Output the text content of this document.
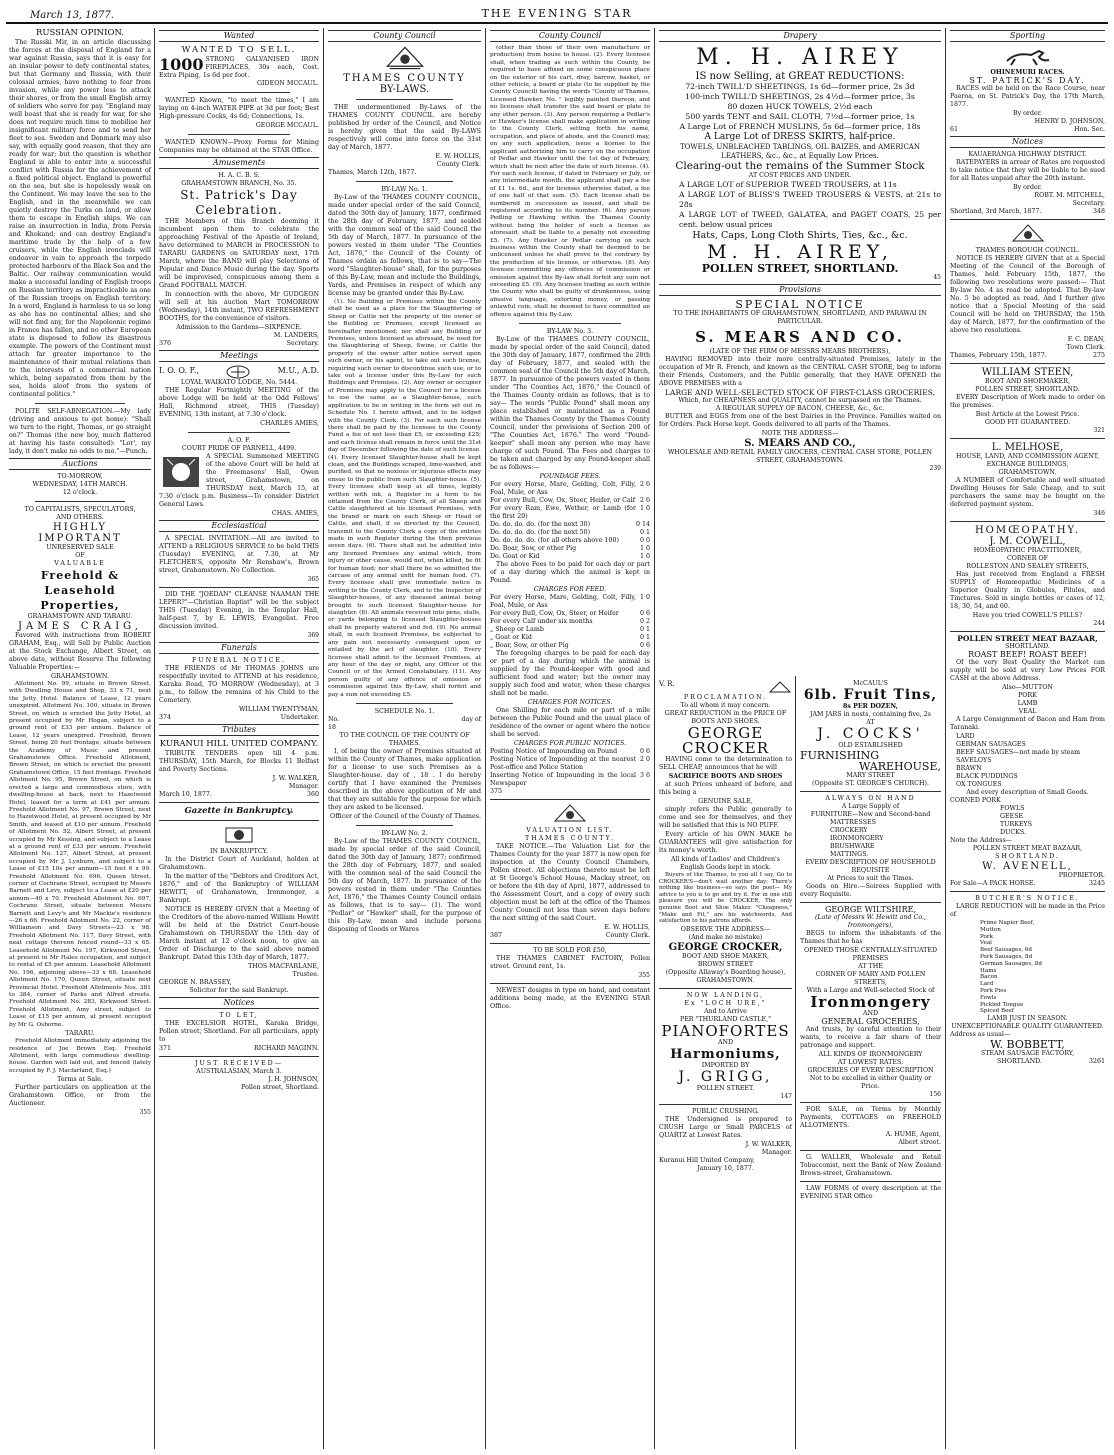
March 13, 1877.	THE EVENING STAR
RUSSIAN OPINION.

The Russki Mir, in an article discussing the forces at the disposal of England for a war against Russia, says that it is easy for an insular power to defy continental states, but that Germany and Russia, with their colossal armies, have nothing to fear from invasion, while any power less to attack their shores, or from the small English army of soldiers who serve for pay. "England may well boast that she is ready for war, for she does not require much time to mobilise her insignificant military force and to send her fleet to sea. Sweden and Denmark may also say, with equally good reason, that they are ready for war; but the question is whether England is able to enter into a successful conflict with Russia for the achievement of a fixed political object. England is powerful on the sea, but she is hopelessly weak on the Continent. We may leave the sea to the English, and in the meanwhile we can quietly destroy the Turks on land, or allow them to escape in English ships. We can raise an insurrection in India, from Persia and Khokand; and can destroy England's maritime trade by the help of a few cruisers, while the English ironclads will endeavor in vain to approach the torpedo protected harbours of the Black Sea and the Baltic. Our railway communication would make a successful landing of English troops on Russian territory as impracticable as one of the Russian troops on English territory. In a word, England is harmless to us so long as she has no continental allies; and she will not find any, for the Napoleonic regime in France has fallen, and no other European state is disposed to follow its disastrous example. The powers of the Continent must attach far greater importance to the maintenance of their mutual relations than to the interests of a commercial nation which, being separated from them by the sea, holds aloof from the system of continental politics."

POLITE SELF-ABNEGATION.—My lady (driving and anxious to get home): "Shall we turn to the right, Thomas, or go straight on?" Thomas (the new boy, much flattered at having his taste consulted): "Lor', my lady, it don't make no odds to me."—Punch.

Auctions
TO-MORROW,
WEDNESDAY, 14TH MARCH.
12 o'clock.
TO CAPITALISTS, SPECULATORS,
AND OTHERS.
HIGHLY IMPORTANT
UNRESERVED SALE
OF
VALUABLE
Freehold & Leasehold
Properties,
GRAHAMSTOWN AND TARARU.
JAMES CRAIG,

Favored with instructions from ROBERT GRAHAM, Esq., will Sell by Public Auction at the Stock Exchange, Albert Street, on above date, without Reserve The following Valuable Properties:—

GRAHAMSTOWN.

Allotment No. 99, situate in Brown Street, with Dwelling House and Shop, 33 x 71, next the Jetty Hotel. Balance of Lease, 12 years unexpired. Allotment No. 100, situate in Brown Street, on which is erected the Jetty Hotel, at present occupied by Mr Hogan, subject to a ground rent of £33 per annum. Balance of Lease, 12 years unexpired. Freehold, Brown Street, being 20 feet frontage, situate between the Academy of Music and present Grahamstown Office. Freehold Allotment, Brown Street, on which is erected the present Grahamstown Office, 15 feet frontage. Freehold Allotment No. 95, Brown Street, on which is erected a large and commodious store, with dwelling-house at back, next to Hazelwood Hotel, leased for a term at £41 per annum. Freehold Allotment No. 97, Brown Street, next to Hazelwood Hotel, at present occupied by Mr Smith, and leased at £10 per annum. Freehold of Allotment No. 52, Albert Street, at present occupied by Mr Kessing, and subject to a Lease at a ground rent of £33 per annum. Freehold Allotment No. 127, Albert Street, at present occupied by Mr J. Lynburn, and subject to a Lease of £15 10s per annum—15 feet 6 x 99. Freehold Allotment No. 696, Queen Street, corner of Cochrane Street, occupied by Messrs Barnett and Levy, subject to a Lease at £20 per annum—40 x 70. Freehold Allotment No. 697, Cochrane Street, situate between Messrs Barnett and Levy's and Mr Mackie's residence—26 x 66. Freehold Allotment No. 22, corner of Williamson and Davy Streets—23 x 98. Freehold Allotment No. 117, Davy Street, with neat cottage thereon fenced round—33 x 65. Leasehold Allotment No. 197, Kirkwood Street, at present in Mr Hales occupation, and subject to rental of £5 per annum. Leasehold Allotment No. 196, adjoining above—33 x 68. Leasehold Allotment No. 170, Queen Street, situate next Provincial Hotel. Freehold Allotments Nos. 381 to 384, corner of Parks and Alfred streets. Freehold Allotment No. 283, Kirkwood Street. Freehold Allotment, Amy street, subject to Lease of £15 per annum, at present occupied by Mr G. Osborne.

TARARU.

Freehold Allotment immediately adjoining the residence of Joe Brown Esq. Freehold Allotment, with large commodious dwelling-house. Garden well laid out, and fenced (lately occupied by F. J. Macfarland, Esq.)

Terms at Sale.

Further particulars on application at the Grahamstown Office, or from the Auctioneer.

355
Wanted
WANTED TO SELL.
1000 STRONG GALVANISED IRON FIREPLACES, 30s each, Cost. Extra Piping, 1s 6d per foot.
GIDEON MCCAUL.

WANTED Known, "to meet the times," I am laying on 4-inch WATER PIPE at 3d per foot; Best High-pressure Cocks, 4s 6d; Connections, 1s.

GEORGE MCCAUL.

WANTED KNOWN—Proxy Forms for Mining Companies may be obtained at the STAR Office.

Amusements
H. A. C. B. S.
GRAHAMSTOWN BRANCH, No. 35.
St. Patrick's Day Celebration.

THE Members of this Branch deeming it incumbent upon them to celebrate the approaching Festival of the Apostle of Ireland, have determined to MARCH in PROCESSION to TARARU GARDENS on SATURDAY next, 17th March, where the BAND will play Selections of Popular and Dance Music during the day. Sports will be improvised, conspicuous among them a Grand FOOTBALL MATCH.

In connection with the above, Mr GUDGEON will sell at his auction Mart TOMORROW (Wednesday), 14th instant, TWO REFRESHMENT BOOTHS, for the convenience of visitors.

Admission to the Gardens—SIXPENCE.
M. LANDERS,
376	Secretary.
Meetings
I. O. O. F.,	M.U., A.D.
LOYAL WAIKATO LODGE, No. 5444.

THE Regular Fortnightly MEETING of the above Lodge will be held at the Odd Fellows' Hall, Richmond street, THIS (Tuesday) EVENING, 13th instant, at 7.30 o'clock.

CHARLES AMIES,
A. O. F.
COURT PRIDE OF PARNELL, 4499.

A SPECIAL Summoned MEETING of the above Court will be held at the Freemasons' Hall, Owen street, Grahamstown, on THURSDAY next, March 15, at 7.30 o'clock p.m. Business—To consider District General Laws.

CHAS. AMIES,
Ecclesiastical

A SPECIAL INVITATION.—All are invited to ATTEND a RELIGIOUS SERVICE to be held THIS (Tuesday) EVENING, at 7.30, at Mr FLETCHER'S, opposite Mr Renshaw's, Brown street, Grahamstown. No Collection.

365

DID THE "JOEDAN" CLEANSE NAAMAN THE LEPER?"—Christian Baptist" will be the subject THIS (Tuesday) Evening, in the Templar Hall, half-past 7, by E. LEWIS, Evangelist. Free discussion invited.

369
Funerals
FUNERAL NOTICE.

THE FRIENDS of Mr THOMAS JOHNS are respectfully invited to ATTEND at his residence, Karaka Road, TO MORROW (Wednesday), at 3 p.m., to follow the remains of his Child to the Cemetery.

WILLIAM TWENTYMAN,
374	Undertaker.
Tributes
KURANUI HILL UNITED COMPANY.

TRIBUTE TENDERS open till 4 p.m. THURSDAY, 15th March, for Blocks 11 Belfast and Poverty Sections.

J. W. WALKER,
Manager.
March 10, 1877.	360
Gazette in Bankruptcy.
IN BANKRUPTCY.

In the District Court of Auckland, holden at Grahamstown.

In the matter of the "Debtors and Creditors Act, 1876," and of the Bankruptcy of WILLIAM HEWITT, of Grahamstown, Ironmonger, a Bankrupt.

NOTICE IS HEREBY GIVEN that a Meeting of the Creditors of the above-named William Hewitt will be held at the District Court-house Grahamstown on THURSDAY the 15th day of March instant at 12 o'clock noon, to give an Order of Discharge to the said above named Bankrupt. Dated this 13th day of March, 1877.

THOS MACFARLANE,
Trustee.
GEORGE N. BRASSEY,
Solicitor for the said Bankrupt.
Notices
TO LET,

THE EXCELSIOR HOTEL, Karaka Bridge, Pollen street, Shortland. For all particulars, apply to

371	RICHARD MAGINN.
JUST RECEIVED—
AUSTRALASIAN, March 3.
J. H. JOHNSON,
Pollen street, Shortland.
County Council
THAMES COUNTY
BY-LAWS.

THE undermentioned By-Laws of the THAMES COUNTY COUNCIL are hereby published by order of the Council, and Notice is hereby given that the said By-LAWS respectively will come into force on the 31st day of March, 1877.

E. W. HOLLIS,
County Clerk.
Thames, March 12th, 1877.
BY-LAW No. 1.

By-Law of the THAMES COUNTY COUNCIL, made under special order of the said Council, dated the 30th day of January, 1877, confirmed the 28th day of February, 1877, and sealed with the common seal of the said Council the 5th day of March, 1877. In pursuance of the powers vested in them under "The Counties Act, 1876," the Council of the County of Thames ordain as follows, that is to say—The word "Slaughter-house" shall, for the purposes of this By-Law, mean and include the Buildings, Yards, and Premises in respect of which any license may be granted under this By-Law.

(1). No Building or Premises within the County shall be used as a place for the Slaughtering of Sheep or Cattle not the property of the owner of the Building or Premises, except licensed as hereinafter mentioned; nor shall any Building or Premises, unless licensed as aforesaid, be used for the Slaughtering of Sheep, Swine, or Cattle the property of the owner after notice served upon such owner, or his agent, to take out such license, requiring such owner to discontinue such use, or to take out a license under this By-Law for such Buildings and Premises. (2). Any owner or occupier of Premises may apply to the Council for a license to use the same as a Slaughter-house, such application to be in writing in the form set out in Schedule No. 1 hereto affixed, and to be lodged with the County Clerk. (3). For each such license there shall be paid by the licensee to the County Fund a fee of not less than £5, or exceeding £25; and each license shall remain in force until the 31st day of December following the date of such license. (4). Every licensed Slaughter-house shall be kept clean, and the Buildings scraped, lime-washed, and purified, so that no noxious or injurious effects may ensue to the public from such Slaughter-house. (5). Every licensee shall keep at all times, legibly written with ink, a Register in a form to be obtained from the County Clerk, of all Sheep and Cattle slaughtered at his licensed Premises, with the brand or mark on each Sheep or Head of Cattle, and shall, if so directed by the Council, transmit to the County Clerk a copy of the entries made in such Register during the then previous seven days. (6). There shall not be admitted into any licensed Premises any animal which, from injury or other cause, would not, when killed, be fit for human food; nor shall there be so admitted the carcase of any animal unfit for human food. (7). Every licensee shall give immediate notice in writing to the County Clerk, and to the Inspector of Slaughter-houses, of any diseased animal being brought to such licensed Slaughter-house for slaughter. (8). All animals received into pens, stalls, or yards belonging to licensed Slaughter-houses shall be properly watered and fed. (9). No animal shall, in such licensed Premises, be subjected to any pain not necessarily consequent upon or entailed by the act of slaughter. (10). Every licensee shall admit to the licensed Premises, at any hour of the day or night, any Officer of the Council or of the Armed Constabulary. (11). Any person guilty of any offence of omission or commission against this By-Law, shall forfeit and pay a sum not exceeding £5.

SCHEDULE No. 1.
No.	day of
18
TO THE COUNCIL OF THE COUNTY OF THAMES.

I, of being the owner of Premises situated at within the County of Thames, make application for a license to use such Premises as a Slaughter-house. day of , 18 . I do hereby certify that I have examined the Premises described in the above application of Mr and that they are suitable for the purpose for which they are asked to be licensed.

Officer of the Council of the County of Thames.
BY-LAW No. 2.

By-Law of the THAMES COUNTY COUNCIL, made by special order of the said Council, dated the 30th day of January, 1877; confirmed the 28th day of February, 1877, and sealed with the common seal of the said Council the 5th day of March, 1877. In pursuance of the powers vested in them under "The Counties Act, 1876," the Thames County Council ordain as follows, that is to say— (1). The word "Pedlar" or "Hawker" shall, for the purpose of this By-Law, mean and include persons disposing of Goods or Wares

County Council

(other than those of their own manufacture or production) from house to house. (2). Every licensee shall, when trading as such within the County, be required to have affixed on some conspicuous place on the exterior of his cart, dray, barrow, basket, or other vehicle, a board or plate (to be supplied by the County Council) having the words "County of Thames, Licensed Hawker, No. " legibly painted thereon, and no licensee shall transfer the said board or plate to any other person. (3). Any person requiring a Pedlar's or Hawker's license shall make application in writing to the County Clerk, setting forth his name, occupation, and place of abode, and the Council may, on any such application, issue a license to the applicant authorizing him to carry on the occupation of Pedlar and Hawker until the 1st day of February, which shall be next after the date of such license. (4). For each such license, if dated in February or July, or any intermediate month, the applicant shall pay a fee of £1 1s. 6d., and for licenses otherwise dated, a fee of one half of that sum. (5). Each license shall be numbered in succession as issued, and shall be registered according to its number. (6). Any person Pedling or Hawking within the Thames County without being the holder of such a license as aforesaid, shall be liable to a penalty not exceeding £5. (7). Any Hawker or Pedlar carrying on such business within the County shall be deemed to be unlicensed unless he shall prove to the contrary by the production of his license, or otherwise. (8). Any licensee committing any offences of commission or omission against this By-law shall forfeit any sum not exceeding £5. (9). Any licensee trading as such within the County who shall be guilty of drunkenness, using abusive language, extorting money, or passing unlawful coin, shall be deemed to have committed an offence against this By-Law.

BY-LAW No. 3.

By-Law of the THAMES COUNTY COUNCIL, made by special order of the said Council, dated the 30th day of January, 1877, confirmed the 28th day of February, 1877, and sealed with the common seal of the Council the 5th day of March, 1877. In pursuance of the powers vested in them under "The Counties Act, 1876," the Council of the Thames County ordain as follows, that is to say— The words "Public Pound" shall mean any place established or maintained as a Pound within the Thames County by the Thames County Council, under the provisions of Section 200 of "The Counties Act, 1876." The word "Pound-keeper" shall mean any person who may have charge of such Pound. The Fees and charges to be taken and charged by any Pound-keeper shall be as follows:—

POUNDAGE FEES.
For every Horse, Mare, Gelding, Colt, Filly, Foal, Mule, or Ass
2 6
For every Bull, Cow, Ox, Steer, Heifer, or Calf 2 6
For every Ram, Ewe, Wether, or Lamb (for the first 20)
1 0
Do. do. do. do. (for the next 30)	0 14
Do. do. do. do. (for the next 50)	0 1
Do. do. do. do. (for all others above 100)	0 0
Do. Boar, Sow, or other Pig	1 0
Do. Goat or Kid	1 0

The above Fees to be paid for each day or part of a day during which the animal is kept in Pound.

CHARGES FOR FEED.
For every Horse, Mare, Gelding, Colt, Filly, Foal, Mule, or Ass
1 0
For every Bull, Cow, Ox, Steer, or Heifer	0 6
For every Calf under six months	0 2
„ Sheep or Lamb	0 1
„ Goat or Kid	0 1
„ Boar, Sow, or other Pig	0 6

The foregoing charges to be paid for each day or part of a day during which the animal is supplied by the Pound-keeper with good and sufficient food and water; but the owner may supply such food and water, when these charges shall not be made.

CHARGES FOR NOTICES.

One Shilling for each mile or part of a mile between the Public Pound and the usual place of residence of the owner or agent where the notice shall be served.

CHARGES FOR PUBLIC NOTICES.
Posting Notice of Impounding on Pound	0 6
Posting Notice of Impounding at the nearest Post-office and Police Station
2 0
Inserting Notice of Impounding in the local Newspaper
3 6
375
VALUATION LIST.
THAMES COUNTY.

TAKE NOTICE.—The Valuation List for the Thames County for the year 1877 is now open for inspection at the County Council Chambers, Pollen street. All objections thereto must be left at St George's School House, Mackay street, on or before the 4th day of April, 1877, addressed to the Assessment Court, and a copy of every such objection must be left at the office of the Thames County Council not less than seven days before the next sitting of the said Court.

E. W. HOLLIS,
387	County Clerk.
TO BE SOLD FOR £50,

THE THAMES CABINET FACTORY, Pollen street. Ground rent, 1s.

355

NEWEST designs in type on hand, and constant additions being made, at the EVENING STAR Office.

Drapery
M. H. AIREY
IS now Selling, at GREAT REDUCTIONS:
72-inch TWILL'D SHEETINGS, 1s 6d—former price, 2s 3d
100-inch TWILL'D SHEETINGS, 2s 4½d—former price, 3s
80 dozen HUCK TOWELS, 2½d each
500 yards TENT and SAIL CLOTH, 7½d—former price, 1s
A Large Lot of FRENCH MUSLINS, 5s 6d—former price, 18s
A Large Lot of DRESS SKIRTS, half-price.
TOWELS, UNBLEACHED TABLINGS, OIL BAIZES, and AMERICAN LEATHERS, &c., &c., at Equally Low Prices.
Clearing-out the remains of the Summer Stock
AT COST PRICES AND UNDER.
A LARGE LOT of SUPERIOR TWEED TROUSERS, at 11s
A LARGE LOT of BLISS'S TWEED TROUSERS & VESTS, at 21s to 28s
A LARGE LOT of TWEED, GALATEA, and PAGET COATS, 25 per cent. below usual prices
Hats, Caps, Long Cloth Shirts, Ties, &c., &c.
M. H. AIREY,
POLLEN STREET, SHORTLAND.
45
Provisions
SPECIAL NOTICE
TO THE INHABITANTS OF GRAHAMSTOWN, SHORTLAND, AND PARAWAI IN PARTICULAR.
S. MEARS AND CO.
(LATE OF THE FIRM OF MESSRS MEARS BROTHERS),

HAVING REMOVED into their more centrally-situated Premises, lately in the occupation of Mr R. French, and known as the CENTRAL CASH STORE, beg to inform their Friends, Customers, and the Public generally, that they HAVE OPENED the ABOVE PREMISES with a

LARGE AND WELL-SELECTED STOCK OF FIRST-CLASS GROCERIES,
Which, for CHEAPNESS and QUALITY, cannot be surpassed on the Thames.
A REGULAR SUPPLY OF BACON, CHEESE, &c., &c.

BUTTER and EGGS from one of the best Dairies in the Province. Families waited on for Orders. Pack Horse kept. Goods delivered to all parts of the Thames.

NOTE THE ADDRESS—
S. MEARS AND CO.,
WHOLESALE AND RETAIL FAMILY GROCERS, CENTRAL CASH STORE, POLLEN STREET, GRAHAMSTOWN.
239
V. R.
PROCLAMATION.
To all whom it may concern.
GREAT REDUCTION in the PRICE OF BOOTS AND SHOES.
GEORGE CROCKER

HAVING come to the determination to SELL CHEAP, announces that he will

SACRIFICE BOOTS AND SHOES

at such Prices unheard of before, and this being a

GENUINE SALE,

simply refers the Public generally to come and see for themselves, and they will be satisfied that this is NO PUFF.

Every article of his OWN MAKE he GUARANTEES will give satisfaction for its money's worth.

All kinds of Ladies' and Children's English Goods kept in stock.

Buyers of the Thames, to you all I say, Go to CROCKER'S—don't wait another day; There's nothing like business—so says the poet— My advice to you is to go and try it. For in one still pleasure you will be CROCKER, The only genuine Boot and Shoe Maker. "Cheapness," "Make and Fit," are his watchwords, And satisfaction to his patrons affords.

OBSERVE THE ADDRESS—
(And make no mistake)
GEORGE CROCKER,
BOOT AND SHOE MAKER,
BROWN STREET
(Opposite Allaway's Boarding house),
GRAHAMSTOWN.
NOW LANDING,
Ex "LOCH URE,"
And to Arrive
PER "THURLAND CASTLE,"
PIANOFORTES
AND
Harmoniums,
IMPORTED BY
J. GRIGG,
POLLEN STREET.
147
PUBLIC CRUSHING.

THE Undersigned is prepared to CRUSH Large or Small PARCELS of QUARTZ at Lowest Rates.

J. W. WALKER,
Manager.
Kuranui Hill United Company,
January 10, 1877.
McCAUL'S
6lb. Fruit Tins,
8s PER DOZEN,
JAM JARS in nests, containing five, 2s
AT
J. COCKS'
OLD ESTABLISHED
FURNISHING
WAREHOUSE,
MARY STREET
(Opposite ST. GEORGE'S CHURCH).
ALWAYS ON HAND
A Large Supply of
FURNITURE—New and Second-hand
MATTRESSES
CROCKERY
IRONMONGERY
BRUSHWARE
MATTINGS.
EVERY DESCRIPTION OF HOUSEHOLD REQUISITE
At Prices to suit the Times.

Goods on Hire.—Soirees Supplied with every Requisite.

GEORGE WILTSHIRE,
(Late of Messrs W. Hewitt and Co., Ironmongers),

BEGS to inform the inhabitants of the Thames that he has

OPENED THOSE CENTRALLY-SITUATED PREMISES
AT THE
CORNER OF MARY AND POLLEN STREETS,
With a Large and Well-selected Stock of
Ironmongery
AND
GENERAL GROCERIES,

And trusts, by careful attention to their wants, to receive a fair share of their patronage and support.

ALL KINDS OF IRONMONGERY
AT LOWEST RATES.
GROCERIES OF EVERY DESCRIPTION
Not to be excelled in either Quality or Price.
156

FOR SALE, on Terms by Monthly Payments, COTTAGES on FREEHOLD ALLOTMENTS.

A. HUME, Agent,
Albert street.

G. WALLER, Wholesale and Retail Tobacconist, next the Bank of New Zealand Brown-street, Grahamstown.

LAW FORMS of every description at the EVENING STAR Office

Sporting
OHINEMURI RACES.
ST. PATRICK'S DAY.

RACES will be held on the Race Course, near Paeroa, on St. Patrick's Day, the 17th March, 1877.

By order.
HENRY D. JOHNSON,
61	Hon. Sec.
Notices
KAUAERANGA HIGHWAY DISTRICT.

RATEPAYERS in arrear of Rates are requested to take notice that they will be liable to be sued for all Rates unpaid after the 20th instant.

By order.
ROBT. M. MITCHELL,
Secretary.
Shortland, 3rd March, 1877.	348
THAMES BOROUGH COUNCIL.

NOTICE IS HEREBY GIVEN that at a Special Meeting of the Council of the Borough of Thames, held February 15th, 1877, the following two resolutions were passed:— That By-law No. 4 as read be adopted. That By-law No. 5 be adopted as read. And I further give notice that a Special Meeting of the said Council will be held on THURSDAY, the 15th day of March, 1877, for the confirmation of the above two resolutions.

F. C. DEAN,
Town Clerk.
Thames, February 15th, 1877.	275
WILLIAM STEEN,
BOOT AND SHOEMAKER,
POLLEN STREET, SHORTLAND.

EVERY Description of Work made to order on the premises.

Best Article at the Lowest Price.
GOOD FIT GUARANTEED.
321
L. MELHOSE,
HOUSE, LAND, AND COMMISSION AGENT,
EXCHANGE BUILDINGS,
GRAHAMSTOWN.

A NUMBER of Comfortable and well situated Dwelling Houses for Sale Cheap, and to suit purchasers the same may be bought on the deferred payment system.

346
HOMŒOPATHY.
J. M. COWELL,
HOMEOPATHIC PRACTITIONER,
CORNER OF
ROLLESTON AND SEALEY STREETS,

Has just received from England a FRESH SUPPLY of Homœopathic Medicines of a Superior Quality in Globules, Pilules, and Tinctures. Sold in single bottles or cases of 12, 18, 30, 54, and 60.

Have you tried COWELL'S PILLS?
244
POLLEN STREET MEAT BAZAAR,
SHORTLAND.
ROAST BEEF! ROAST BEEF!

Of the very Best Quality the Market can supply will be sold at very Low Prices FOR CASH at the above Address.

Also—MUTTON
PORK
LAMB
VEAL

A Large Consignment of Bacon and Ham from Taranaki.

LARD
GERMAN SAUSAGES
BEEF SAUSAGES—not made by steam
SAVELOYS
BRAWN
BLACK PUDDINGS
OX TONGUES
And every description of Small Goods.
CORNED PORK
FOWLS
GEESE
TURKEYS
DUCKS.
Note the Address—
POLLEN STREET MEAT BAZAAR,
SHORTLAND.
W. AVENELL,
PROPRIETOR.
For Sale—A PACK HORSE.	3245
BUTCHER'S NOTICE.

LARGE REDUCTION will be made in the Price of

Prime Napier Beef,
Mutton
Pork
Veal
Beef Sausages, 6d
Pork Sausages, 8d
German Sausages, 8d
Hams
Bacon
Lard
Pork Pies
Fowls
Pickled Tongue
Spiced Beef
LAMB JUST IN SEASON.
UNEXCEPTIONABLE QUALITY GUARANTEED.
Address as usual—
W. BOBBETT,
STEAM SAUSAGE FACTORY,
SHORTLAND.	3261
